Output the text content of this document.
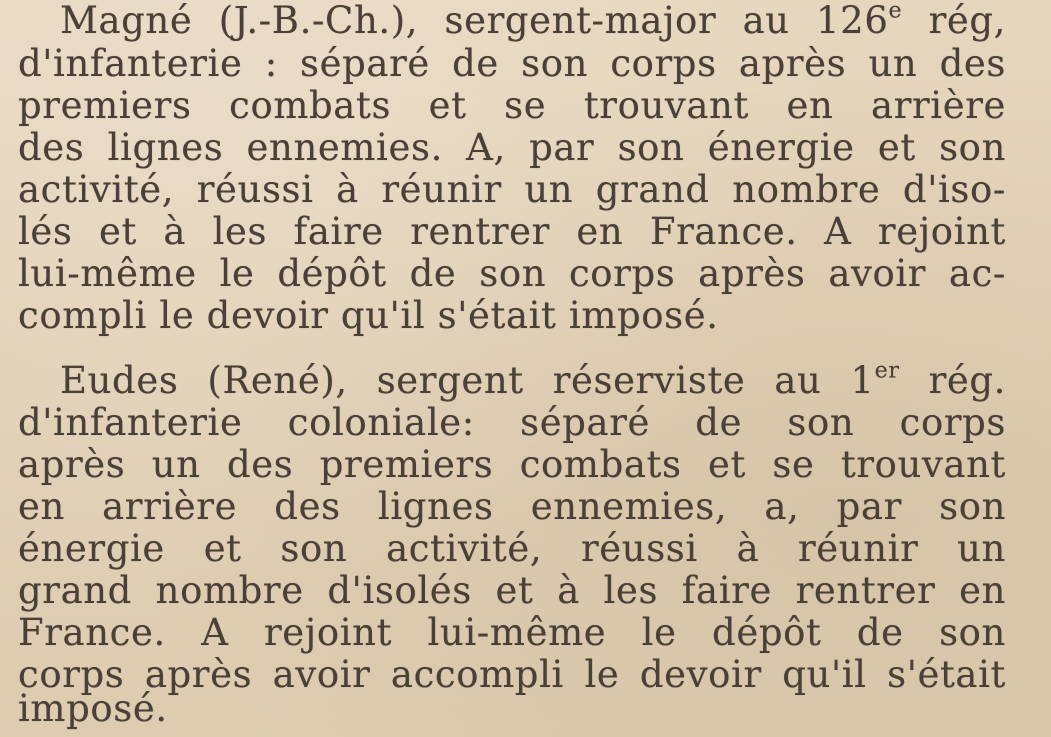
Magné (J.-B.-Ch.), sergent-major au 126e rég,

d'infanterie : séparé de son corps après un des

premiers combats et se trouvant en arrière

des lignes ennemies. A, par son énergie et son

activité, réussi à réunir un grand nombre d'iso-

lés et à les faire rentrer en France. A rejoint

lui-même le dépôt de son corps après avoir ac-

compli le devoir qu'il s'était imposé.

Eudes (René), sergent réserviste au 1er rég.

d'infanterie coloniale: séparé de son corps

après un des premiers combats et se trouvant

en arrière des lignes ennemies, a, par son

énergie et son activité, réussi à réunir un

grand nombre d'isolés et à les faire rentrer en

France. A rejoint lui-même le dépôt de son

corps après avoir accompli le devoir qu'il s'était

imposé.
